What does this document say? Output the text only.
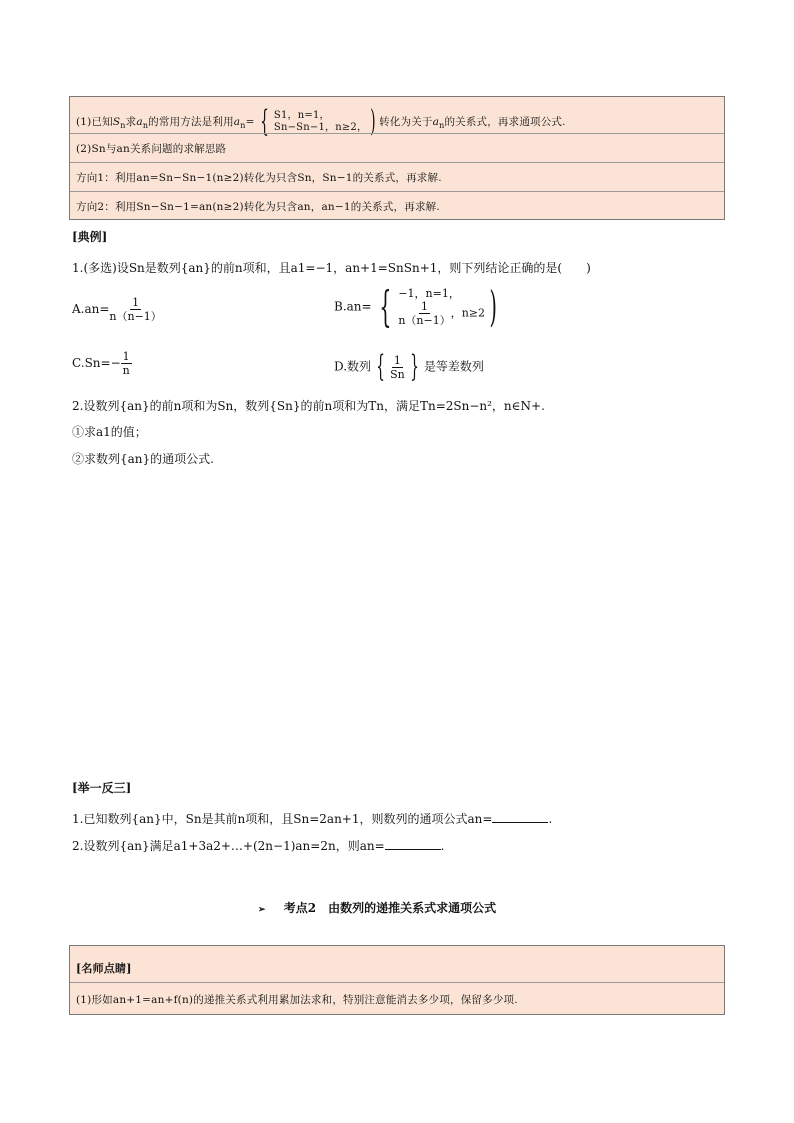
(1)已知$S_n$求$a_n$的常用方法是利用$a_n=$ { S1，n=1，
Sn−Sn−1，n≥2， ) 转化为关于$a_n$的关系式，再求通项公式.
(2)Sn与an关系问题的求解思路
方向1：利用an=Sn−Sn−1(n≥2)转化为只含Sn，Sn−1的关系式，再求解.
方向2：利用Sn−Sn−1=an(n≥2)转化为只含an，an−1的关系式，再求解.
[典例]
1.(多选)设Sn是数列{an}的前n项和，且a1=−1，an+1=SnSn+1，则下列结论正确的是(　　)
$A.an= \frac{1}{n(n-1)}$	B.an= { −1，n=1，
$\frac{1}{n(n-1)}$ ，n≥2 )
$C.Sn=- \frac{1}{n}$	D.数列 { $\frac{1}{Sn}$ } 是等差数列
2.设数列{an}的前n项和为Sn，数列{Sn}的前n项和为Tn，满足Tn=2Sn−n²，n∈N+.
①求a1的值；
②求数列{an}的通项公式.
[举一反三]
1.已知数列{an}中，Sn是其前n项和，且Sn=2an+1，则数列的通项公式an=	.
2.设数列{an}满足a1+3a2+…+(2n−1)an=2n，则an=	.
➢ 考点2　由数列的递推关系式求通项公式
[名师点睛]
(1)形如an+1=an+f(n)的递推关系式利用累加法求和，特别注意能消去多少项，保留多少项.
